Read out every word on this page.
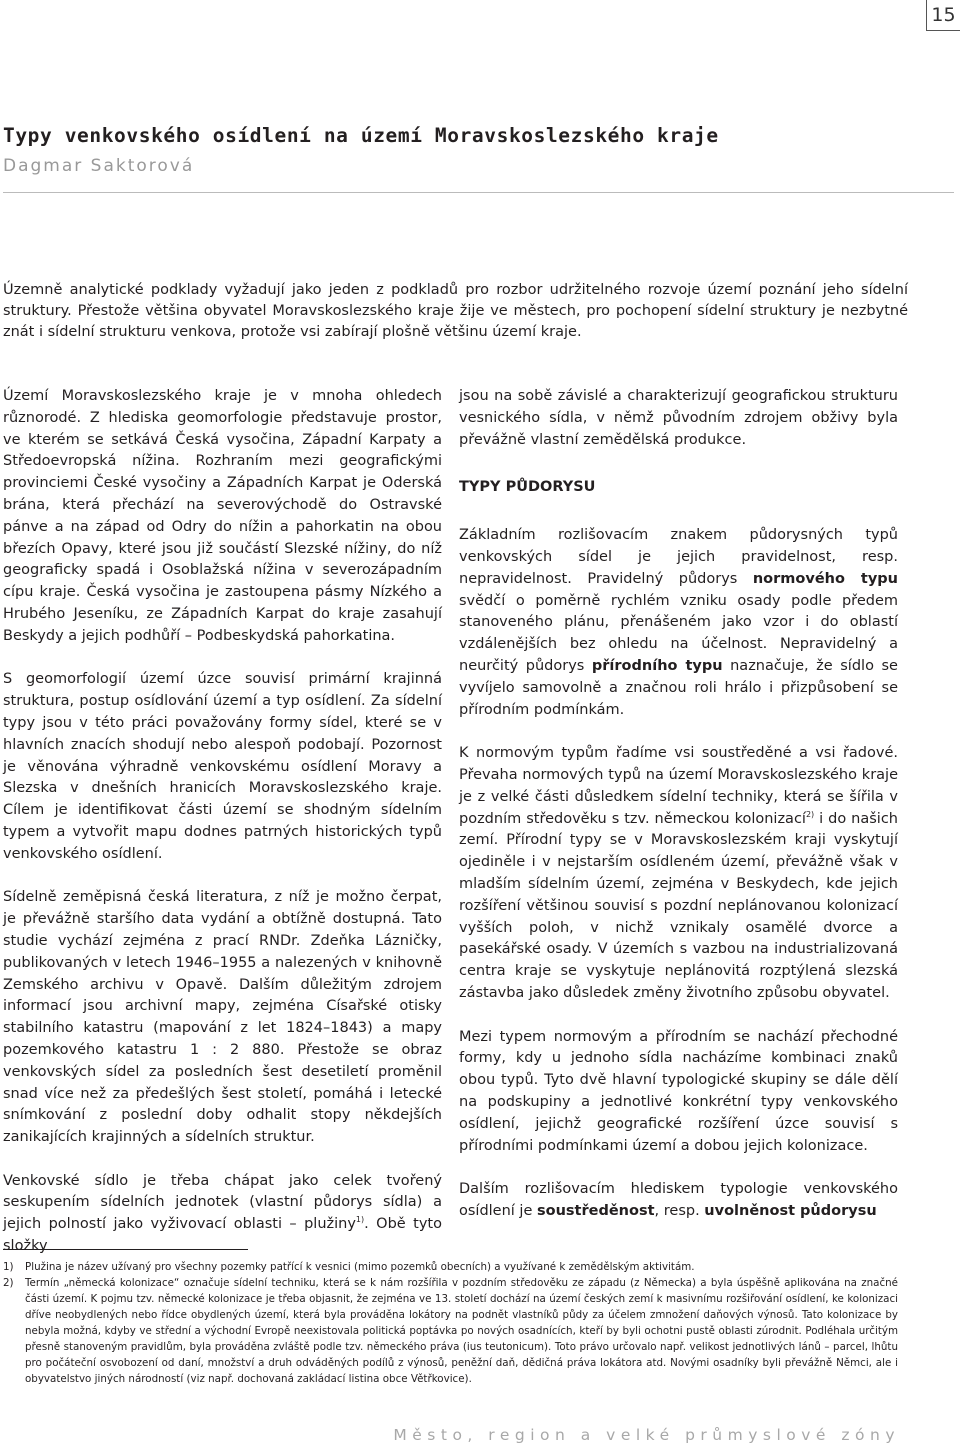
15
Typy venkovského osídlení na území Moravskoslezského kraje

Dagmar Saktorová

Územně analytické podklady vyžadují jako jeden z podkladů pro rozbor udržitelného rozvoje území poznání jeho sídelní struktury. Přestože většina obyvatel Moravskoslezského kraje žije ve městech, pro pochopení sídelní struktury je nezbytné znát i sídelní strukturu venkova, protože vsi zabírají plošně většinu území kraje.

Území Moravskoslezského kraje je v mnoha ohledech různorodé. Z hlediska geomorfologie představuje prostor, ve kterém se setkává Česká vysočina, Západní Karpaty a Středoevropská nížina. Rozhraním mezi geografickými provinciemi České vysočiny a Západních Karpat je Oderská brána, která přechází na severovýchodě do Ostravské pánve a na západ od Odry do nížin a pahorkatin na obou březích Opavy, které jsou již součástí Slezské nížiny, do níž geograficky spadá i Osoblažská nížina v severozápadním cípu kraje. Česká vysočina je zastoupena pásmy Nízkého a Hrubého Jeseníku, ze Západních Karpat do kraje zasahují Beskydy a jejich podhůří – Podbeskydská pahorkatina.

S geomorfologií území úzce souvisí primární krajinná struktura, postup osídlování území a typ osídlení. Za sídelní typy jsou v této práci považovány formy sídel, které se v hlavních znacích shodují nebo alespoň podobají. Pozornost je věnována výhradně venkovskému osídlení Moravy a Slezska v dnešních hranicích Moravskoslezského kraje. Cílem je identifikovat části území se shodným sídelním typem a vytvořit mapu dodnes patrných historických typů venkovského osídlení.

Sídelně zeměpisná česká literatura, z níž je možno čerpat, je převážně staršího data vydání a obtížně dostupná. Tato studie vychází zejména z prací RNDr. Zdeňka Lázničky, publikovaných v letech 1946–1955 a nalezených v knihovně Zemského archivu v Opavě. Dalším důležitým zdrojem informací jsou archivní mapy, zejména Císařské otisky stabilního katastru (mapování z let 1824–1843) a mapy pozemkového katastru 1 : 2 880. Přestože se obraz venkovských sídel za posledních šest desetiletí proměnil snad více než za předešlých šest století, pomáhá i letecké snímkování z poslední doby odhalit stopy někdejších zanikajících krajinných a sídelních struktur.

Venkovské sídlo je třeba chápat jako celek tvořený seskupením sídelních jednotek (vlastní půdorys sídla) a jejich polností jako vyživovací oblasti – plužiny$^{1)}$. Obě tyto složky

jsou na sobě závislé a charakterizují geografickou strukturu vesnického sídla, v němž původním zdrojem obživy byla převážně vlastní zemědělská produkce.

TYPY PŮDORYSU

Základním rozlišovacím znakem půdorysných typů venkovských sídel je jejich pravidelnost, resp. nepravidelnost. Pravidelný půdorys normového typu svědčí o poměrně rychlém vzniku osady podle předem stanoveného plánu, přenášeném jako vzor i do oblastí vzdálenějších bez ohledu na účelnost. Nepravidelný a neurčitý půdorys přírodního typu naznačuje, že sídlo se vyvíjelo samovolně a značnou roli hrálo i přizpůsobení se přírodním podmínkám.

K normovým typům řadíme vsi soustředěné a vsi řadové. Převaha normových typů na území Moravskoslezského kraje je z velké části důsledkem sídelní techniky, která se šířila v pozdním středověku s tzv. německou kolonizací$^{2)}$ i do našich zemí. Přírodní typy se v Moravskoslezském kraji vyskytují ojediněle i v nejstarším osídleném území, převážně však v mladším sídelním území, zejména v Beskydech, kde jejich rozšíření většinou souvisí s pozdní neplánovanou kolonizací vyšších poloh, v nichž vznikaly osamělé dvorce a pasekářské osady. V územích s vazbou na industrializovaná centra kraje se vyskytuje neplánovitá rozptýlená slezská zástavba jako důsledek změny životního způsobu obyvatel.

Mezi typem normovým a přírodním se nachází přechodné formy, kdy u jednoho sídla nacházíme kombinaci znaků obou typů. Tyto dvě hlavní typologické skupiny se dále dělí na podskupiny a jednotlivé konkrétní typy venkovského osídlení, jejichž geografické rozšíření úzce souvisí s přírodními podmínkami území a dobou jejich kolonizace.

Dalším rozlišovacím hlediskem typologie venkovského osídlení je soustředěnost, resp. uvolněnost půdorysu

1)	Plužina je název užívaný pro všechny pozemky patřící k vesnici (mimo pozemků obecních) a využívané k zemědělským aktivitám.
2)	Termín „německá kolonizace“ označuje sídelní techniku, která se k nám rozšířila v pozdním středověku ze západu (z Německa) a byla úspěšně aplikována na značné části území. K pojmu tzv. německé kolonizace je třeba objasnit, že zejména ve 13. století dochází na území českých zemí k masivnímu rozšiřování osídlení, ke kolonizaci dříve neobydlených nebo řídce obydlených území, která byla prováděna lokátory na podnět vlastníků půdy za účelem zmnožení daňových výnosů. Tato kolonizace by nebyla možná, kdyby ve střední a východní Evropě neexistovala politická poptávka po nových osadnících, kteří by byli ochotni pustě oblasti zúrodnit. Podléhala určitým přesně stanoveným pravidlům, byla prováděna zvláště podle tzv. německého práva (ius teutonicum). Toto právo určovalo např. velikost jednotlivých lánů – parcel, lhůtu pro počáteční osvobození od daní, množství a druh odváděných podílů z výnosů, peněžní daň, dědičná práva lokátora atd. Novými osadníky byli převážně Němci, ale i obyvatelstvo jiných národností (viz např. dochovaná zakládací listina obce Větřkovice).

Město, region a velké průmyslové zóny
